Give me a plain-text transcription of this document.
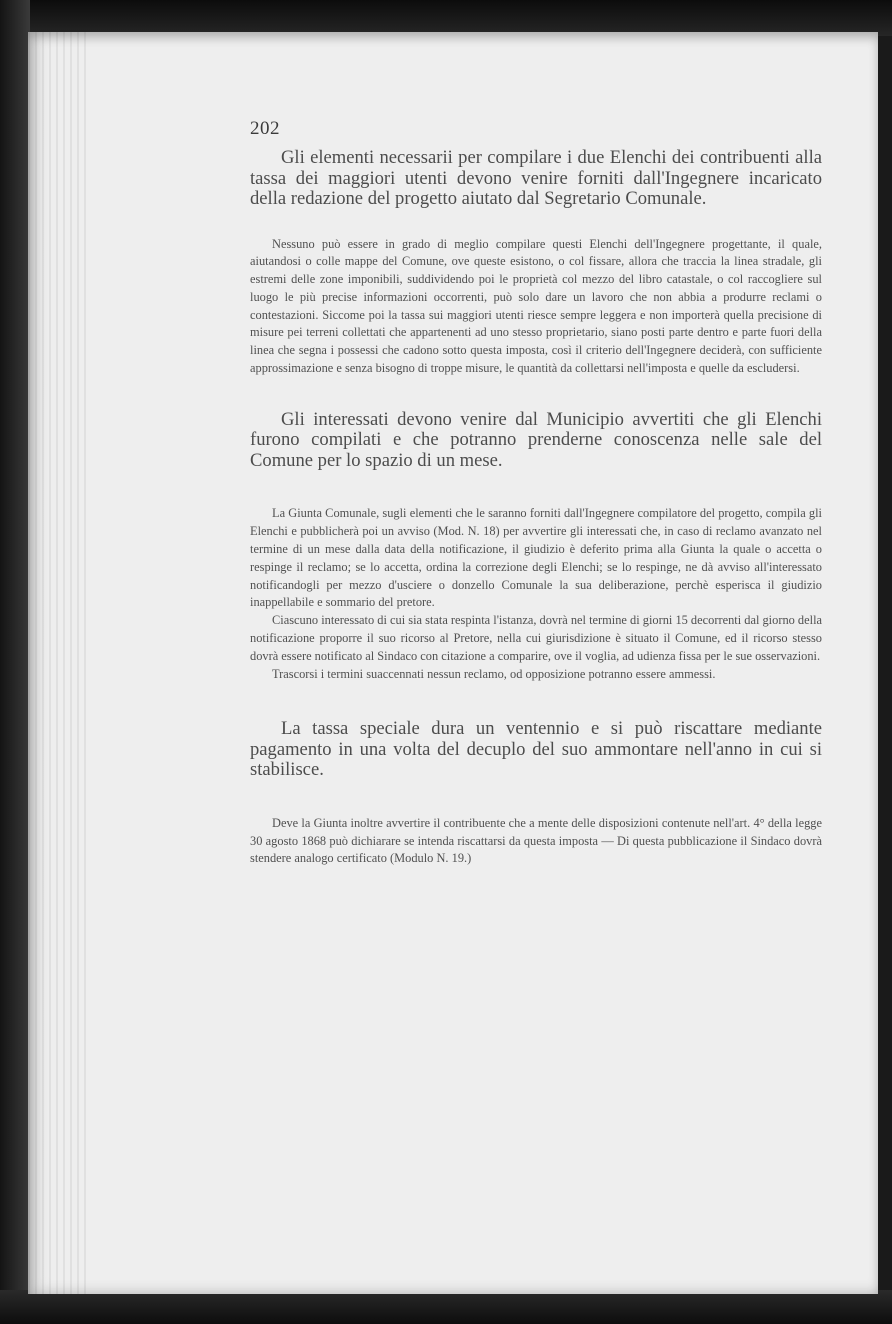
202

Gli elementi necessarii per compilare i due Elenchi dei contribuenti alla tassa dei maggiori utenti devono venire forniti dall'Ingegnere incaricato della redazione del progetto aiutato dal Segretario Comunale.

Nessuno può essere in grado di meglio compilare questi Elenchi dell'Ingegnere progettante, il quale, aiutandosi o colle mappe del Comune, ove queste esistono, o col fissare, allora che traccia la linea stradale, gli estremi delle zone imponibili, suddividendo poi le proprietà col mezzo del libro catastale, o col raccogliere sul luogo le più precise informazioni occorrenti, può solo dare un lavoro che non abbia a produrre reclami o contestazioni. Siccome poi la tassa sui maggiori utenti riesce sempre leggera e non importerà quella precisione di misure pei terreni collettati che appartenenti ad uno stesso proprietario, siano posti parte dentro e parte fuori della linea che segna i possessi che cadono sotto questa imposta, così il criterio dell'Ingegnere deciderà, con sufficiente approssimazione e senza bisogno di troppe misure, le quantità da collettarsi nell'imposta e quelle da escludersi.

Gli interessati devono venire dal Municipio avvertiti che gli Elenchi furono compilati e che potranno prenderne conoscenza nelle sale del Comune per lo spazio di un mese.

La Giunta Comunale, sugli elementi che le saranno forniti dall'Ingegnere compilatore del progetto, compila gli Elenchi e pubblicherà poi un avviso (Mod. N. 18) per avvertire gli interessati che, in caso di reclamo avanzato nel termine di un mese dalla data della notificazione, il giudizio è deferito prima alla Giunta la quale o accetta o respinge il reclamo; se lo accetta, ordina la correzione degli Elenchi; se lo respinge, ne dà avviso all'interessato notificandogli per mezzo d'usciere o donzello Comunale la sua deliberazione, perchè esperisca il giudizio inappellabile e sommario del pretore.

Ciascuno interessato di cui sia stata respinta l'istanza, dovrà nel termine di giorni 15 decorrenti dal giorno della notificazione proporre il suo ricorso al Pretore, nella cui giurisdizione è situato il Comune, ed il ricorso stesso dovrà essere notificato al Sindaco con citazione a comparire, ove il voglia, ad udienza fissa per le sue osservazioni.

Trascorsi i termini suaccennati nessun reclamo, od opposizione potranno essere ammessi.

La tassa speciale dura un ventennio e si può riscattare mediante pagamento in una volta del decuplo del suo ammontare nell'anno in cui si stabilisce.

Deve la Giunta inoltre avvertire il contribuente che a mente delle disposizioni contenute nell'art. 4° della legge 30 agosto 1868 può dichiarare se intenda riscattarsi da questa imposta — Di questa pubblicazione il Sindaco dovrà stendere analogo certificato (Modulo N. 19.)
